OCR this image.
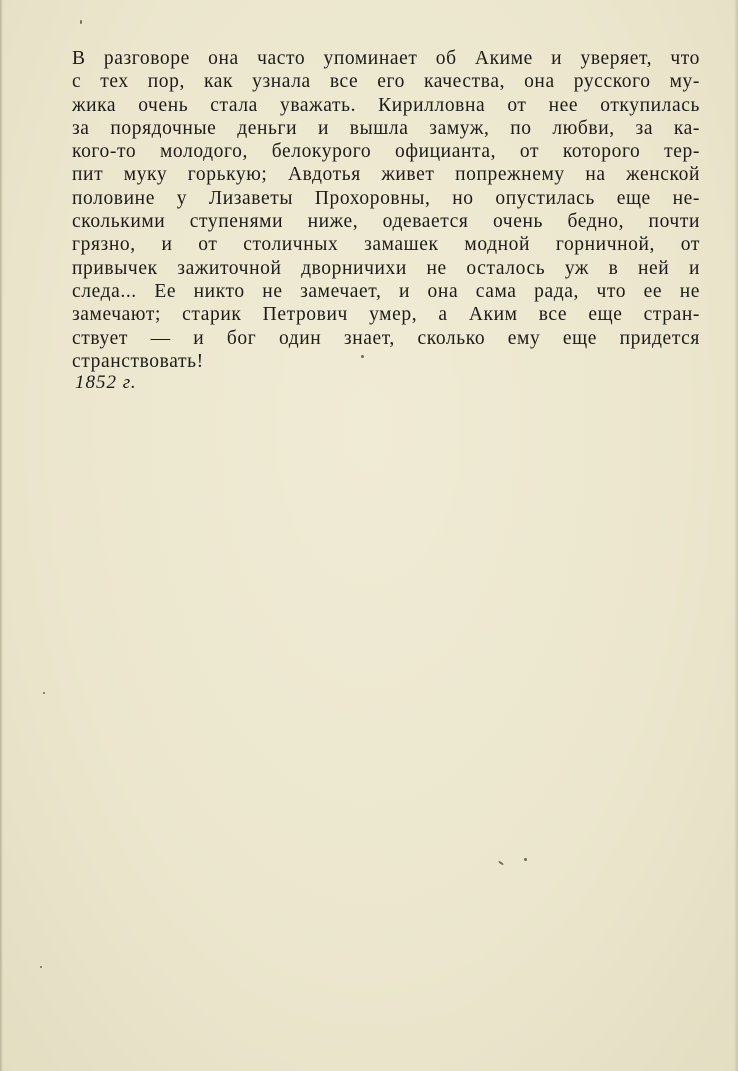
В разговоре она часто упоминает об Акиме и уверяет, что
с тех пор, как узнала все его качества, она русского му-
жика очень стала уважать. Кирилловна от нее откупилась
за порядочные деньги и вышла замуж, по любви, за ка-
кого-то молодого, белокурого официанта, от которого тер-
пит муку горькую; Авдотья живет попрежнему на женской
половине у Лизаветы Прохоровны, но опустилась еще не-
сколькими ступенями ниже, одевается очень бедно, почти
грязно, и от столичных замашек модной горничной, от
привычек зажиточной дворничихи не осталось уж в ней и
следа... Ее никто не замечает, и она сама рада, что ее не
замечают; старик Петрович умер, а Аким все еще стран-
ствует — и бог один знает, сколько ему еще придется
странствовать!
1852 г.
